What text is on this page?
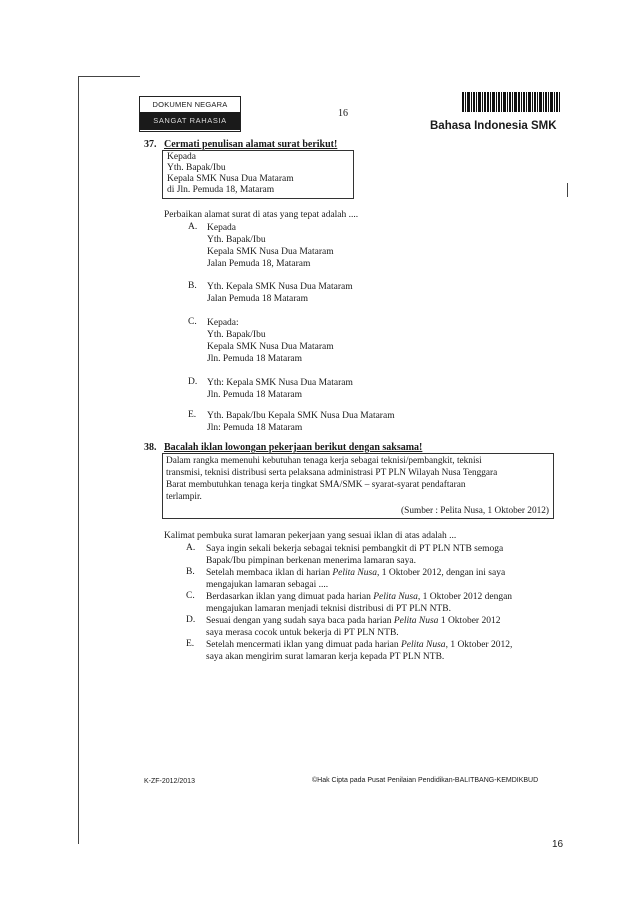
DOKUMEN NEGARA
SANGAT RAHASIA
16
Bahasa Indonesia SMK
37. Cermati penulisan alamat surat berikut!
Kepada
Yth. Bapak/Ibu
Kepala SMK Nusa Dua Mataram
di Jln. Pemuda 18, Mataram
Perbaikan alamat surat di atas yang tepat adalah ....
A. Kepada
Yth. Bapak/Ibu
Kepala SMK Nusa Dua Mataram
Jalan Pemuda 18, Mataram
B. Yth. Kepala SMK Nusa Dua Mataram
Jalan Pemuda 18 Mataram
C. Kepada:
Yth. Bapak/Ibu
Kepala SMK Nusa Dua Mataram
Jln. Pemuda 18 Mataram
D. Yth: Kepala SMK Nusa Dua Mataram
Jln. Pemuda 18 Mataram
E. Yth. Bapak/Ibu Kepala SMK Nusa Dua Mataram
Jln: Pemuda 18 Mataram
38. Bacalah iklan lowongan pekerjaan berikut dengan saksama!
Dalam rangka memenuhi kebutuhan tenaga kerja sebagai teknisi/pembangkit, teknisi
transmisi, teknisi distribusi serta pelaksana administrasi PT PLN Wilayah Nusa Tenggara
Barat membutuhkan tenaga kerja tingkat SMA/SMK – syarat-syarat pendaftaran
terlampir.
(Sumber : Pelita Nusa, 1 Oktober 2012)
Kalimat pembuka surat lamaran pekerjaan yang sesuai iklan di atas adalah ...
A. Saya ingin sekali bekerja sebagai teknisi pembangkit di PT PLN NTB semoga
Bapak/Ibu pimpinan berkenan menerima lamaran saya.
B. Setelah membaca iklan di harian Pelita Nusa, 1 Oktober 2012, dengan ini saya
mengajukan lamaran sebagai ....
C. Berdasarkan iklan yang dimuat pada harian Pelita Nusa, 1 Oktober 2012 dengan
mengajukan lamaran menjadi teknisi distribusi di PT PLN NTB.
D. Sesuai dengan yang sudah saya baca pada harian Pelita Nusa 1 Oktober 2012
saya merasa cocok untuk bekerja di PT PLN NTB.
E. Setelah mencermati iklan yang dimuat pada harian Pelita Nusa, 1 Oktober 2012,
saya akan mengirim surat lamaran kerja kepada PT PLN NTB.
K-ZF-2012/2013	©Hak Cipta pada Pusat Penilaian Pendidikan-BALITBANG-KEMDIKBUD
16
